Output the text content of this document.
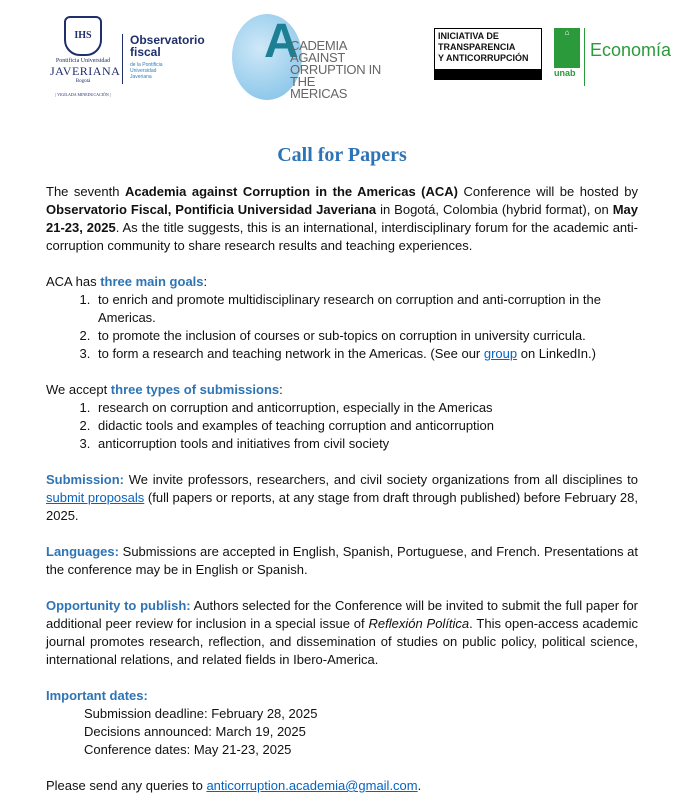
IHS
Pontificia Universidad
JAVERIANA
Bogotá
| VIGILADA MINEDUCACIÓN |
Observatorio
fiscal
de la Pontificia Universidad Javeriana
A
CADEMIA AGAINST
ORRUPTION IN THE
MERICAS
INICIATIVA DE
TRANSPARENCIA
Y ANTICORRUPCIÓN
⌂
unab
Economía
Call for Papers

The seventh Academia against Corruption in the Americas (ACA) Conference will be hosted by Observatorio Fiscal, Pontificia Universidad Javeriana in Bogotá, Colombia (hybrid format), on May 21-23, 2025. As the title suggests, this is an international, interdisciplinary forum for the academic anti-corruption community to share research results and teaching experiences.

ACA has three main goals:
1. to enrich and promote multidisciplinary research on corruption and anti-corruption in the Americas.
2. to promote the inclusion of courses or sub-topics on corruption in university curricula.
3. to form a research and teaching network in the Americas. (See our group on LinkedIn.)
We accept three types of submissions:
1. research on corruption and anticorruption, especially in the Americas
2. didactic tools and examples of teaching corruption and anticorruption
3. anticorruption tools and initiatives from civil society

Submission: We invite professors, researchers, and civil society organizations from all disciplines to submit proposals (full papers or reports, at any stage from draft through published) before February 28, 2025.

Languages: Submissions are accepted in English, Spanish, Portuguese, and French. Presentations at the conference may be in English or Spanish.

Opportunity to publish: Authors selected for the Conference will be invited to submit the full paper for additional peer review for inclusion in a special issue of Reflexión Política. This open-access academic journal promotes research, reflection, and dissemination of studies on public policy, political science, international relations, and related fields in Ibero-America.

Important dates:
Submission deadline: February 28, 2025
Decisions announced: March 19, 2025
Conference dates: May 21-23, 2025
Please send any queries to anticorruption.academia@gmail.com.
